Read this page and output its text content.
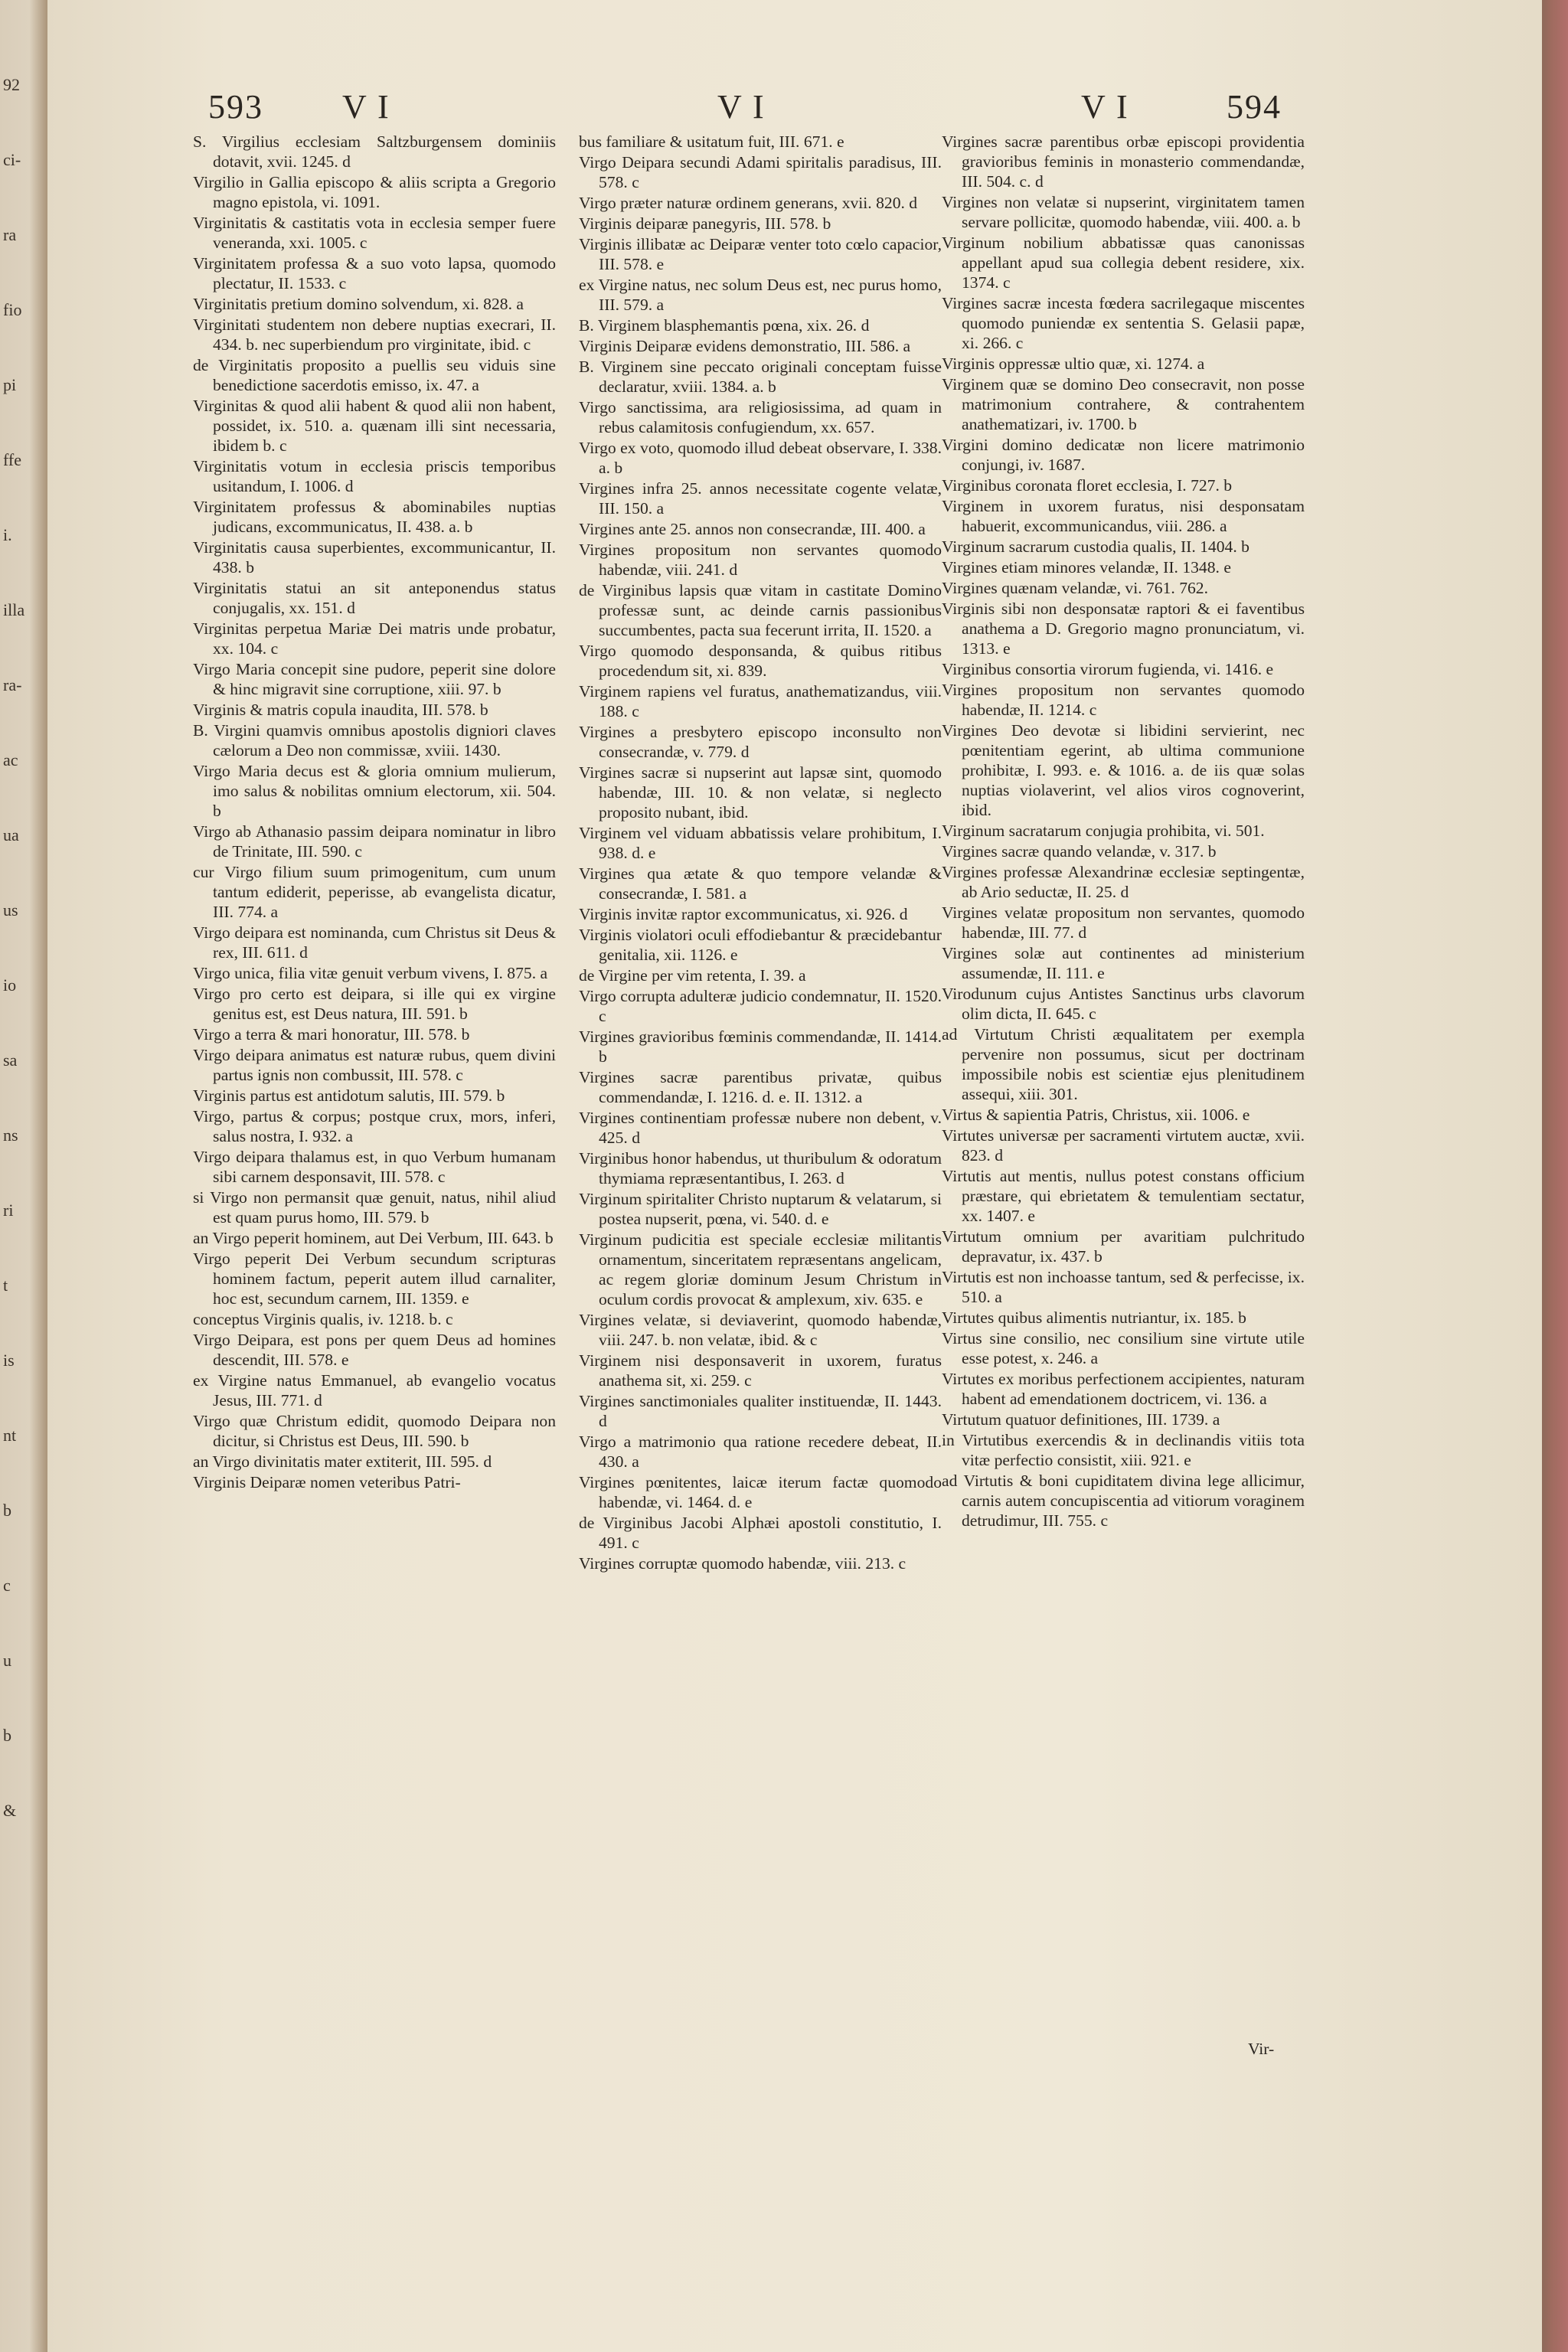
92
ci-
ra
fio
pi
ffe
i.
illa
ra-
ac
ua
us
io
sa
ns
ri
t
is
nt
b
c
u
b
&
593 V I	V I	V I	594

S. Virgilius ecclesiam Saltzburgensem dominiis dotavit, xvii. 1245. d

Virgilio in Gallia episcopo & aliis scripta a Gregorio magno epistola, vi. 1091.

Virginitatis & castitatis vota in ecclesia semper fuere veneranda, xxi. 1005. c

Virginitatem professa & a suo voto lapsa, quomodo plectatur, II. 1533. c

Virginitatis pretium domino solvendum, xi. 828. a

Virginitati studentem non debere nuptias execrari, II. 434. b. nec superbiendum pro virginitate, ibid. c

de Virginitatis proposito a puellis seu viduis sine benedictione sacerdotis emisso, ix. 47. a

Virginitas & quod alii habent & quod alii non habent, possidet, ix. 510. a. quænam illi sint necessaria, ibidem b. c

Virginitatis votum in ecclesia priscis temporibus usitandum, I. 1006. d

Virginitatem professus & abominabiles nuptias judicans, excommunicatus, II. 438. a. b

Virginitatis causa superbientes, excommunicantur, II. 438. b

Virginitatis statui an sit anteponendus status conjugalis, xx. 151. d

Virginitas perpetua Mariæ Dei matris unde probatur, xx. 104. c

Virgo Maria concepit sine pudore, peperit sine dolore & hinc migravit sine corruptione, xiii. 97. b

Virginis & matris copula inaudita, III. 578. b

B. Virgini quamvis omnibus apostolis digniori claves cælorum a Deo non commissæ, xviii. 1430.

Virgo Maria decus est & gloria omnium mulierum, imo salus & nobilitas omnium electorum, xii. 504. b

Virgo ab Athanasio passim deipara nominatur in libro de Trinitate, III. 590. c

cur Virgo filium suum primogenitum, cum unum tantum ediderit, peperisse, ab evangelista dicatur, III. 774. a

Virgo deipara est nominanda, cum Christus sit Deus & rex, III. 611. d

Virgo unica, filia vitæ genuit verbum vivens, I. 875. a

Virgo pro certo est deipara, si ille qui ex virgine genitus est, est Deus natura, III. 591. b

Virgo a terra & mari honoratur, III. 578. b

Virgo deipara animatus est naturæ rubus, quem divini partus ignis non combussit, III. 578. c

Virginis partus est antidotum salutis, III. 579. b

Virgo, partus & corpus; postque crux, mors, inferi, salus nostra, I. 932. a

Virgo deipara thalamus est, in quo Verbum humanam sibi carnem desponsavit, III. 578. c

si Virgo non permansit quæ genuit, natus, nihil aliud est quam purus homo, III. 579. b

an Virgo peperit hominem, aut Dei Verbum, III. 643. b

Virgo peperit Dei Verbum secundum scripturas hominem factum, peperit autem illud carnaliter, hoc est, secundum carnem, III. 1359. e

conceptus Virginis qualis, iv. 1218. b. c

Virgo Deipara, est pons per quem Deus ad homines descendit, III. 578. e

ex Virgine natus Emmanuel, ab evangelio vocatus Jesus, III. 771. d

Virgo quæ Christum edidit, quomodo Deipara non dicitur, si Christus est Deus, III. 590. b

an Virgo divinitatis mater extiterit, III. 595. d

Virginis Deiparæ nomen veteribus Patri-

bus familiare & usitatum fuit, III. 671. e

Virgo Deipara secundi Adami spiritalis paradisus, III. 578. c

Virgo præter naturæ ordinem generans, xvii. 820. d

Virginis deiparæ panegyris, III. 578. b

Virginis illibatæ ac Deiparæ venter toto cœlo capacior, III. 578. e

ex Virgine natus, nec solum Deus est, nec purus homo, III. 579. a

B. Virginem blasphemantis pœna, xix. 26. d

Virginis Deiparæ evidens demonstratio, III. 586. a

B. Virginem sine peccato originali conceptam fuisse declaratur, xviii. 1384. a. b

Virgo sanctissima, ara religiosissima, ad quam in rebus calamitosis confugiendum, xx. 657.

Virgo ex voto, quomodo illud debeat observare, I. 338. a. b

Virgines infra 25. annos necessitate cogente velatæ, III. 150. a

Virgines ante 25. annos non consecrandæ, III. 400. a

Virgines propositum non servantes quomodo habendæ, viii. 241. d

de Virginibus lapsis quæ vitam in castitate Domino professæ sunt, ac deinde carnis passionibus succumbentes, pacta sua fecerunt irrita, II. 1520. a

Virgo quomodo desponsanda, & quibus ritibus procedendum sit, xi. 839.

Virginem rapiens vel furatus, anathematizandus, viii. 188. c

Virgines a presbytero episcopo inconsulto non consecrandæ, v. 779. d

Virgines sacræ si nupserint aut lapsæ sint, quomodo habendæ, III. 10. & non velatæ, si neglecto proposito nubant, ibid.

Virginem vel viduam abbatissis velare prohibitum, I. 938. d. e

Virgines qua ætate & quo tempore velandæ & consecrandæ, I. 581. a

Virginis invitæ raptor excommunicatus, xi. 926. d

Virginis violatori oculi effodiebantur & præcidebantur genitalia, xii. 1126. e

de Virgine per vim retenta, I. 39. a

Virgo corrupta adulteræ judicio condemnatur, II. 1520. c

Virgines gravioribus fœminis commendandæ, II. 1414. b

Virgines sacræ parentibus privatæ, quibus commendandæ, I. 1216. d. e. II. 1312. a

Virgines continentiam professæ nubere non debent, v. 425. d

Virginibus honor habendus, ut thuribulum & odoratum thymiama repræsentantibus, I. 263. d

Virginum spiritaliter Christo nuptarum & velatarum, si postea nupserit, pœna, vi. 540. d. e

Virginum pudicitia est speciale ecclesiæ militantis ornamentum, sinceritatem repræsentans angelicam, ac regem gloriæ dominum Jesum Christum in oculum cordis provocat & amplexum, xiv. 635. e

Virgines velatæ, si deviaverint, quomodo habendæ, viii. 247. b. non velatæ, ibid. & c

Virginem nisi desponsaverit in uxorem, furatus anathema sit, xi. 259. c

Virgines sanctimoniales qualiter instituendæ, II. 1443. d

Virgo a matrimonio qua ratione recedere debeat, II. 430. a

Virgines pœnitentes, laicæ iterum factæ quomodo habendæ, vi. 1464. d. e

de Virginibus Jacobi Alphæi apostoli constitutio, I. 491. c

Virgines corruptæ quomodo habendæ, viii. 213. c

Virgines sacræ parentibus orbæ episcopi providentia gravioribus feminis in monasterio commendandæ, III. 504. c. d

Virgines non velatæ si nupserint, virginitatem tamen servare pollicitæ, quomodo habendæ, viii. 400. a. b

Virginum nobilium abbatissæ quas canonissas appellant apud sua collegia debent residere, xix. 1374. c

Virgines sacræ incesta fœdera sacrilegaque miscentes quomodo puniendæ ex sententia S. Gelasii papæ, xi. 266. c

Virginis oppressæ ultio quæ, xi. 1274. a

Virginem quæ se domino Deo consecravit, non posse matrimonium contrahere, & contrahentem anathematizari, iv. 1700. b

Virgini domino dedicatæ non licere matrimonio conjungi, iv. 1687.

Virginibus coronata floret ecclesia, I. 727. b

Virginem in uxorem furatus, nisi desponsatam habuerit, excommunicandus, viii. 286. a

Virginum sacrarum custodia qualis, II. 1404. b

Virgines etiam minores velandæ, II. 1348. e

Virgines quænam velandæ, vi. 761. 762.

Virginis sibi non desponsatæ raptori & ei faventibus anathema a D. Gregorio magno pronunciatum, vi. 1313. e

Virginibus consortia virorum fugienda, vi. 1416. e

Virgines propositum non servantes quomodo habendæ, II. 1214. c

Virgines Deo devotæ si libidini servierint, nec pœnitentiam egerint, ab ultima communione prohibitæ, I. 993. e. & 1016. a. de iis quæ solas nuptias violaverint, vel alios viros cognoverint, ibid.

Virginum sacratarum conjugia prohibita, vi. 501.

Virgines sacræ quando velandæ, v. 317. b

Virgines professæ Alexandrinæ ecclesiæ septingentæ, ab Ario seductæ, II. 25. d

Virgines velatæ propositum non servantes, quomodo habendæ, III. 77. d

Virgines solæ aut continentes ad ministerium assumendæ, II. 111. e

Virodunum cujus Antistes Sanctinus urbs clavorum olim dicta, II. 645. c

ad Virtutum Christi æqualitatem per exempla pervenire non possumus, sicut per doctrinam impossibile nobis est scientiæ ejus plenitudinem assequi, xiii. 301.

Virtus & sapientia Patris, Christus, xii. 1006. e

Virtutes universæ per sacramenti virtutem auctæ, xvii. 823. d

Virtutis aut mentis, nullus potest constans officium præstare, qui ebrietatem & temulentiam sectatur, xx. 1407. e

Virtutum omnium per avaritiam pulchritudo depravatur, ix. 437. b

Virtutis est non inchoasse tantum, sed & perfecisse, ix. 510. a

Virtutes quibus alimentis nutriantur, ix. 185. b

Virtus sine consilio, nec consilium sine virtute utile esse potest, x. 246. a

Virtutes ex moribus perfectionem accipientes, naturam habent ad emendationem doctricem, vi. 136. a

Virtutum quatuor definitiones, III. 1739. a

in Virtutibus exercendis & in declinandis vitiis tota vitæ perfectio consistit, xiii. 921. e

ad Virtutis & boni cupiditatem divina lege allicimur, carnis autem concupiscentia ad vitiorum voraginem detrudimur, III. 755. c

Vir-
